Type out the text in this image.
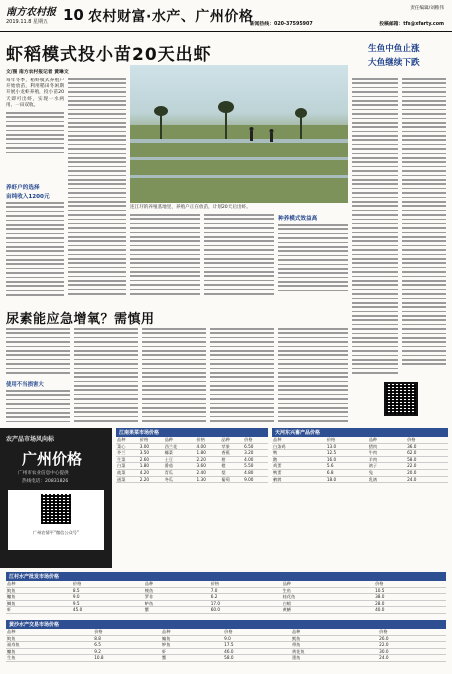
南方农村报
2019.11.8 星期五 10 农村财富·水产、广州价格
责任编辑/刘稚伟
新闻热线：020-37595907	投稿邮箱：tfs@xfarty.com
虾稻模式投小苗20天出虾
文/图 南方农村报记者 黄琳文
每年冬季，稻虾模式养殖户开始放苗，利用稻田冬闲期开展小龙虾养殖，投小苗20天即可出虾，实现一水两用、一田双收。
养虾户的选择
亩纯收入1200元
连江圩的养殖基地里，养殖户正在放苗，计划20天后出虾。
种养模式效益高
生鱼中鱼止涨
大鱼继续下跌
尿素能应急增氧？需慎用
使用不当损害大
农产品市场风向标
广州价格
广州市农业信息中心提供
热线电话：20831826
广州农情平“微信公众号”
江南果菜市场价格
品种	价格	品种	价格	品种	价格
菜心	3.00	西兰花	4.00	苹果	6.50
芥兰	3.50	椰菜	1.80	香蕉	3.20
生菜	2.60	土豆	2.20	柑	4.00
白菜	1.80	番茄	3.60	橙	5.50
菠菜	4.20	青瓜	2.40	梨	4.80
通菜	2.20	冬瓜	1.30	葡萄	9.00
天河东兴畜产品价格
品种	价格	品种	价格
白条鸡	13.0	猪肉	36.0
鸭	12.5	牛肉	62.0
鹅	16.0	羊肉	58.0
鸡蛋	5.6	鸽子	22.0
鸭蛋	6.8	兔	20.0
鹌鹑	18.0	乳鸽	24.0
江村水产批发市场价格
品种	价格	品种	价格	品种	价格
鲩鱼	8.5	鲮鱼	7.0	生鱼	10.5
鳙鱼	9.0	罗非	6.2	桂花鱼	38.0
鲫鱼	9.5	鲈鱼	17.0	白鲳	28.0
虾	45.0	蟹	60.0	黄鳝	40.0
黄沙水产交易市场价格
品种	价格	品种	价格	品种	价格
鲩鱼	8.8	鳊鱼	9.0	鱿鱼	26.0
福寿鱼	6.5	鲈鱼	17.5	带鱼	22.0
鳙鱼	9.2	虾	46.0	黄花鱼	30.0
生鱼	10.8	蟹	58.0	墨鱼	24.0
